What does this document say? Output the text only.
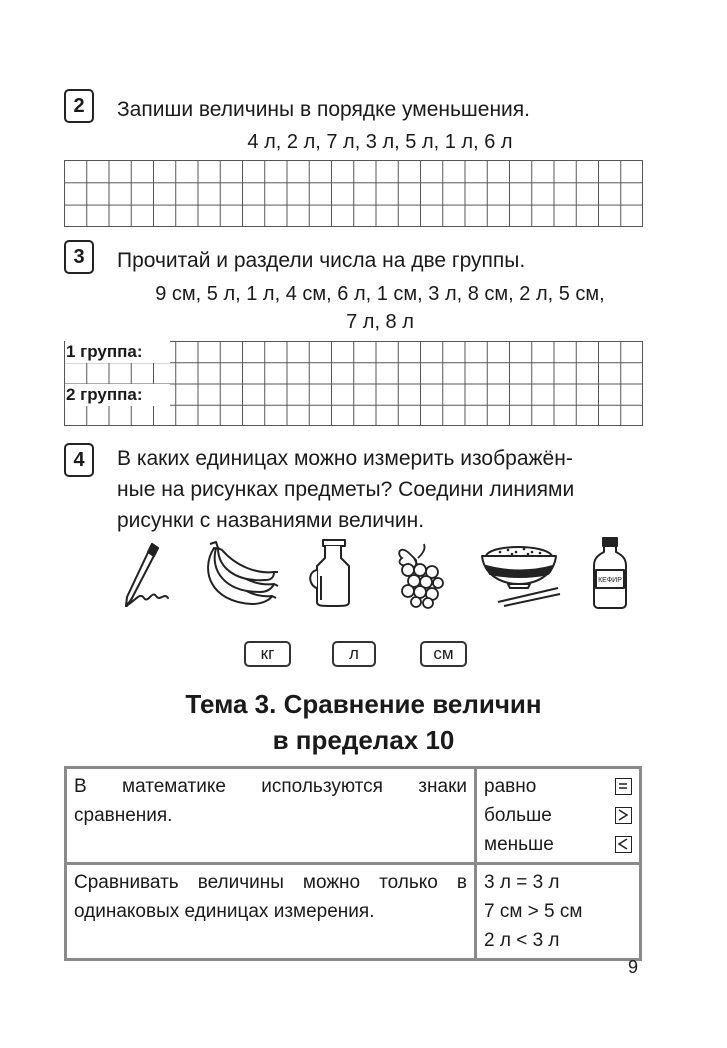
2	Запиши величины в порядке уменьшения.
4 л, 2 л, 7 л, 3 л, 5 л, 1 л, 6 л
3	Прочитай и раздели числа на две группы.
9 см, 5 л, 1 л, 4 см, 6 л, 1 см, 3 л, 8 см, 2 л, 5 см,
7 л, 8 л
1 группа:
2 группа:
4	В каких единицах можно измерить изображён-
ные на рисунках предметы? Соедини линиями
рисунки с названиями величин.
КЕФИР
кг	л	см
Тема 3. Сравнение величин
в пределах 10
В математике используются знаки сравнения.	равно
больше
меньше

Сравнивать величины можно только в одинаковых единицах измерения.	3 л = 3 л
7 см > 5 см
2 л < 3 л
9
